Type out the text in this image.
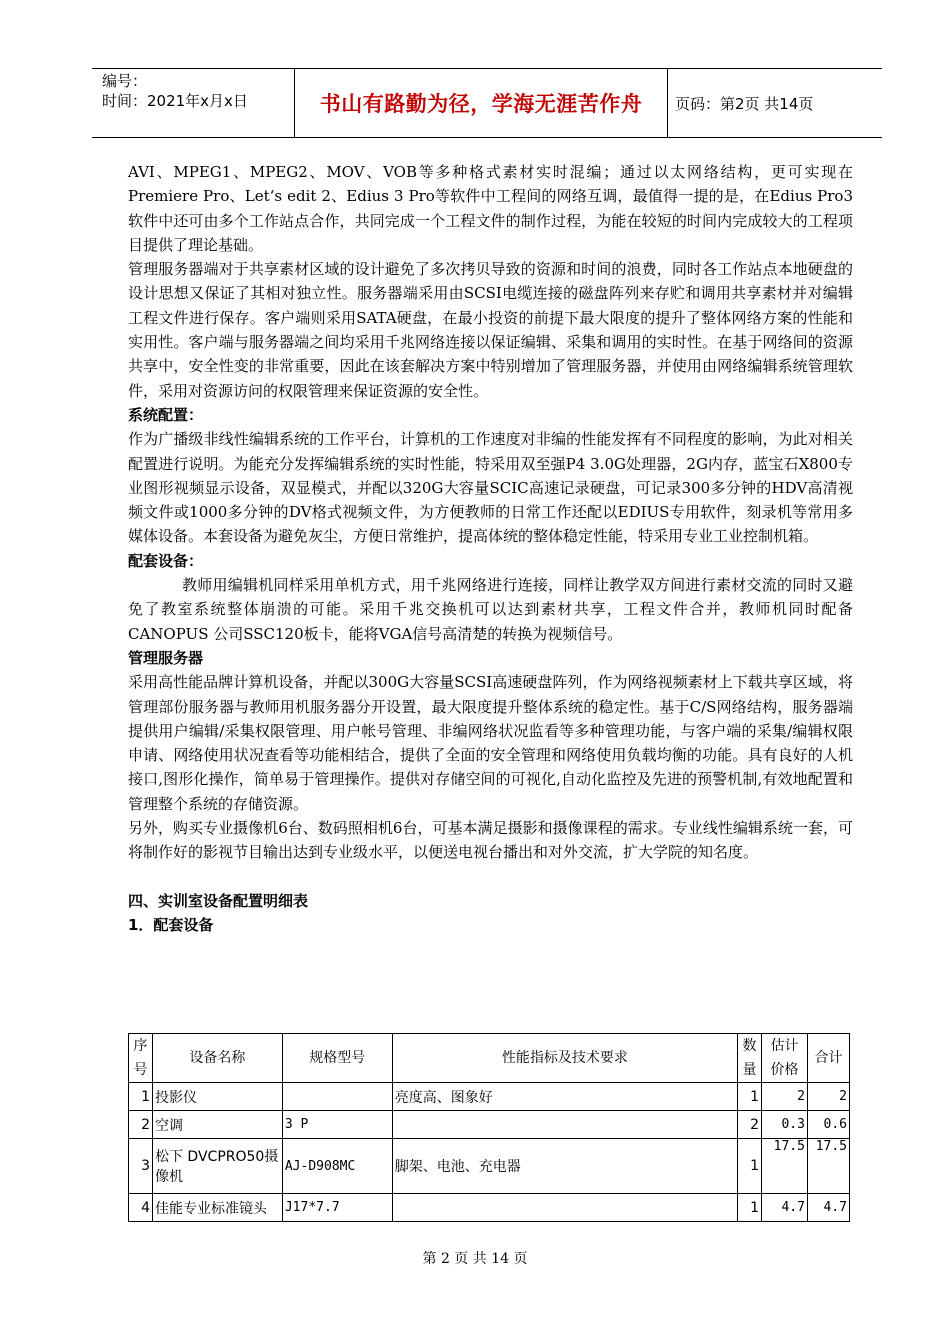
编号：
时间：2021年x月x日	书山有路勤为径，学海无涯苦作舟	页码：第2页 共14页

AVI、MPEG1、MPEG2、MOV、VOB等多种格式素材实时混编；通过以太网络结构，更可实现在Premiere Pro、Let‘s edit 2、Edius 3 Pro等软件中工程间的网络互调，最值得一提的是，在Edius Pro3软件中还可由多个工作站点合作，共同完成一个工程文件的制作过程，为能在较短的时间内完成较大的工程项目提供了理论基础。

管理服务器端对于共享素材区域的设计避免了多次拷贝导致的资源和时间的浪费，同时各工作站点本地硬盘的设计思想又保证了其相对独立性。服务器端采用由SCSI电缆连接的磁盘阵列来存贮和调用共享素材并对编辑工程文件进行保存。客户端则采用SATA硬盘，在最小投资的前提下最大限度的提升了整体网络方案的性能和实用性。客户端与服务器端之间均采用千兆网络连接以保证编辑、采集和调用的实时性。在基于网络间的资源共享中，安全性变的非常重要，因此在该套解决方案中特别增加了管理服务器，并使用由网络编辑系统管理软件，采用对资源访问的权限管理来保证资源的安全性。

系统配置：

作为广播级非线性编辑系统的工作平台，计算机的工作速度对非编的性能发挥有不同程度的影响，为此对相关配置进行说明。为能充分发挥编辑系统的实时性能，特采用双至强P4 3.0G处理器，2G内存，蓝宝石X800专业图形视频显示设备，双显模式，并配以320G大容量SCIC高速记录硬盘，可记录300多分钟的HDV高清视频文件或1000多分钟的DV格式视频文件，为方便教师的日常工作还配以EDIUS专用软件，刻录机等常用多媒体设备。本套设备为避免灰尘，方便日常维护，提高体统的整体稳定性能，特采用专业工业控制机箱。

配套设备：

教师用编辑机同样采用单机方式，用千兆网络进行连接，同样让教学双方间进行素材交流的同时又避免了教室系统整体崩溃的可能。采用千兆交换机可以达到素材共享，工程文件合并，教师机同时配备CANOPUS 公司SSC120板卡，能将VGA信号高清楚的转换为视频信号。

管理服务器

采用高性能品牌计算机设备，并配以300G大容量SCSI高速硬盘阵列，作为网络视频素材上下载共享区域，将管理部份服务器与教师用机服务器分开设置，最大限度提升整体系统的稳定性。基于C/S网络结构，服务器端提供用户编辑/采集权限管理、用户帐号管理、非编网络状况监看等多种管理功能，与客户端的采集/编辑权限申请、网络使用状况查看等功能相结合，提供了全面的安全管理和网络使用负载均衡的功能。具有良好的人机接口,图形化操作，简单易于管理操作。提供对存储空间的可视化,自动化监控及先进的预警机制,有效地配置和管理整个系统的存储资源。

另外，购买专业摄像机6台、数码照相机6台，可基本满足摄影和摄像课程的需求。专业线性编辑系统一套，可将制作好的影视节目输出达到专业级水平，以便送电视台播出和对外交流，扩大学院的知名度。

四、实训室设备配置明细表

1．配套设备

序号	设备名称	规格型号	性能指标及技术要求	数量	估计价格	合计
1	投影仪		亮度高、图象好	1	2	2
2	空调	3 P		2	0.3	0.6
3	松下 DVCPRO50摄像机	AJ-D908MC	脚架、电池、充电器	1	17.5	17.5
4	佳能专业标准镜头	J17*7.7		1	4.7	4.7
第 2 页 共 14 页
